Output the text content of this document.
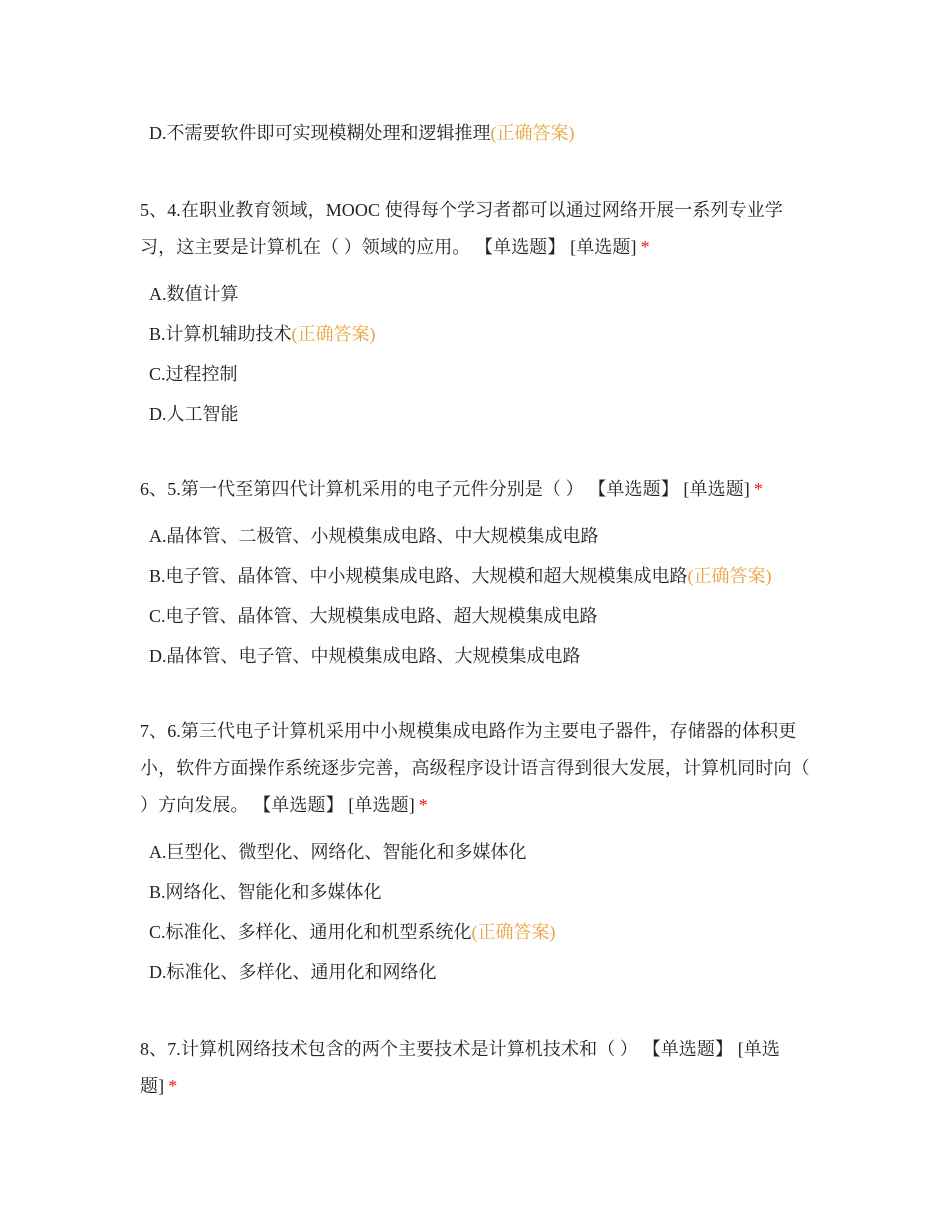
D.不需要软件即可实现模糊处理和逻辑推理(正确答案)
5、4.在职业教育领域，MOOC 使得每个学习者都可以通过网络开展一系列专业学习，这主要是计算机在（ ）领域的应用。 【单选题】 [单选题] *
A.数值计算
B.计算机辅助技术(正确答案)
C.过程控制
D.人工智能
6、5.第一代至第四代计算机采用的电子元件分别是（ ） 【单选题】 [单选题] *
A.晶体管、二极管、小规模集成电路、中大规模集成电路
B.电子管、晶体管、中小规模集成电路、大规模和超大规模集成电路(正确答案)
C.电子管、晶体管、大规模集成电路、超大规模集成电路
D.晶体管、电子管、中规模集成电路、大规模集成电路
7、6.第三代电子计算机采用中小规模集成电路作为主要电子器件，存储器的体积更小，软件方面操作系统逐步完善，高级程序设计语言得到很大发展，计算机同时向（ ）方向发展。 【单选题】 [单选题] *
A.巨型化、微型化、网络化、智能化和多媒体化
B.网络化、智能化和多媒体化
C.标准化、多样化、通用化和机型系统化(正确答案)
D.标准化、多样化、通用化和网络化
8、7.计算机网络技术包含的两个主要技术是计算机技术和（ ） 【单选题】 [单选题] *
